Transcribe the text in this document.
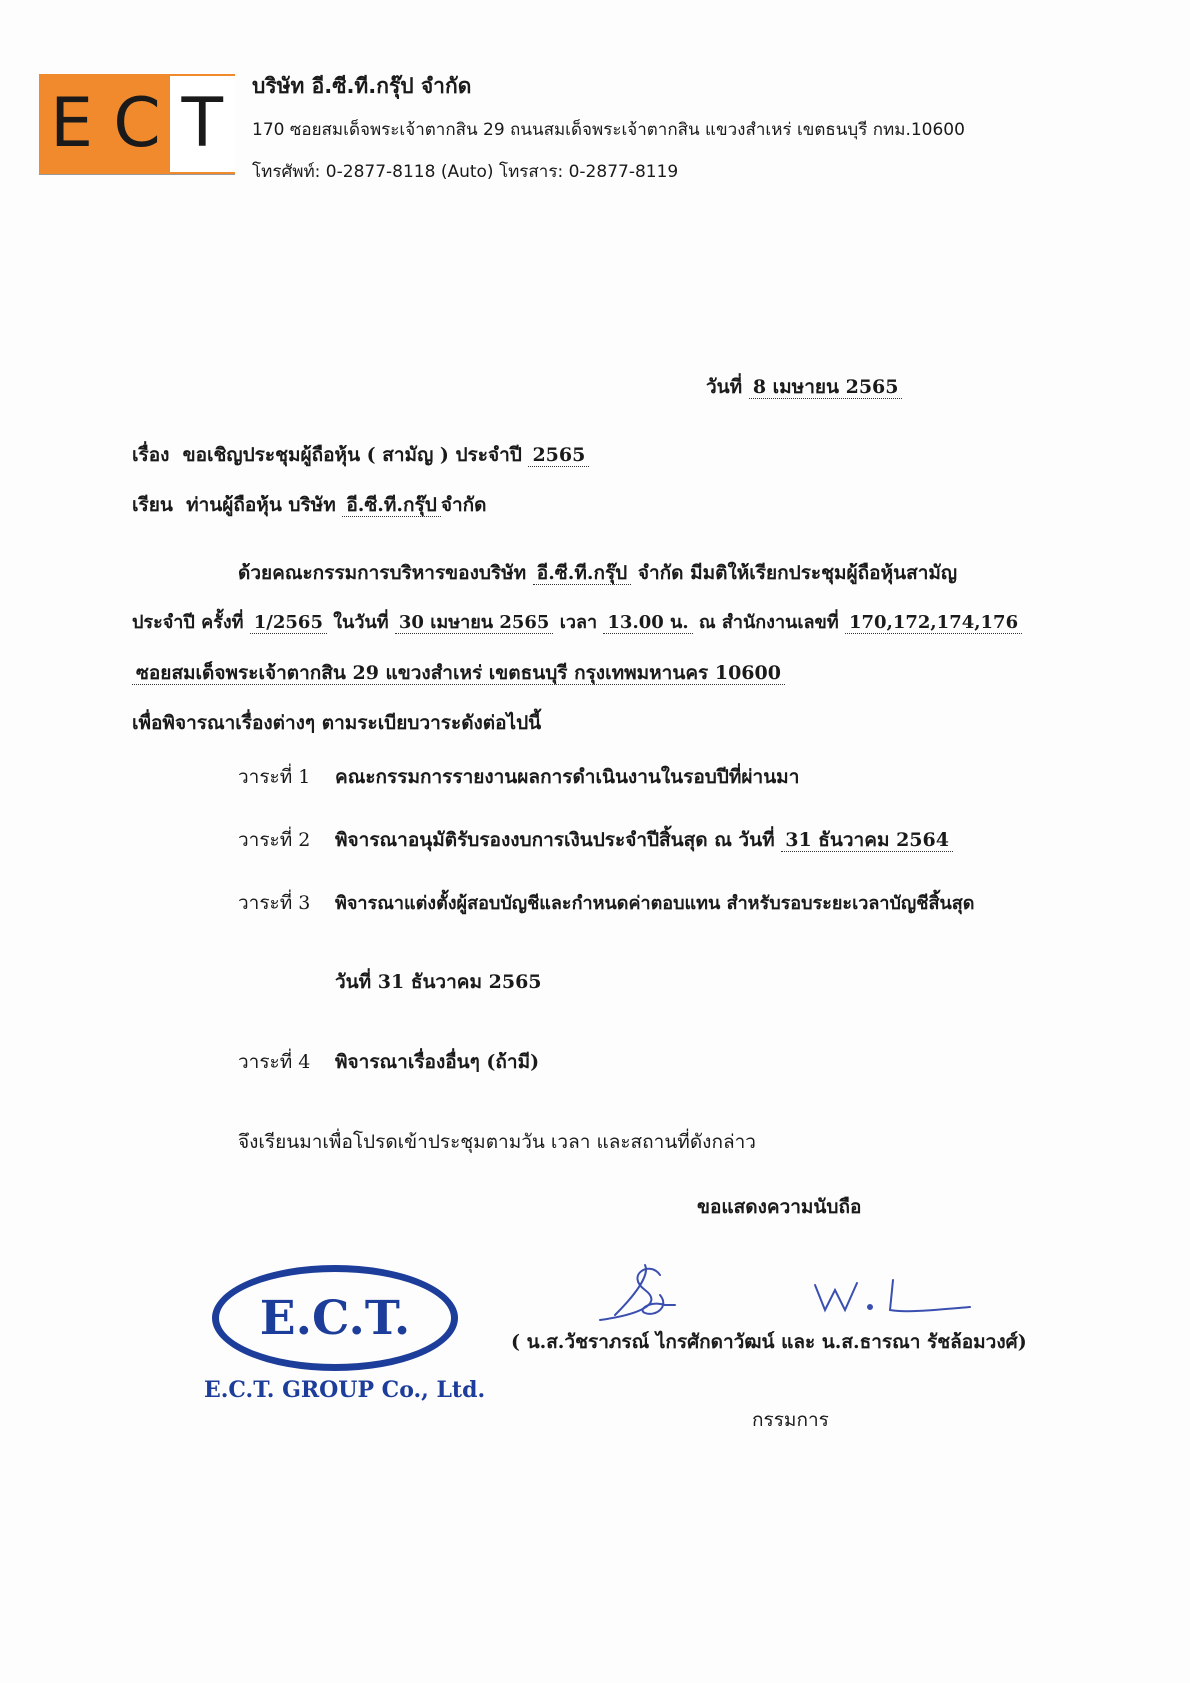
E C T	บริษัท อี.ซี.ที.กรุ๊ป จำกัด
170 ซอยสมเด็จพระเจ้าตากสิน 29 ถนนสมเด็จพระเจ้าตากสิน แขวงสำเหร่ เขตธนบุรี กทม.10600
โทรศัพท์: 0-2877-8118 (Auto) โทรสาร: 0-2877-8119
วันที่ 8 เมษายน 2565
เรื่อง ขอเชิญประชุมผู้ถือหุ้น ( สามัญ ) ประจำปี 2565
เรียน ท่านผู้ถือหุ้น บริษัท อี.ซี.ที.กรุ๊ป จำกัด
ด้วยคณะกรรมการบริหารของบริษัท อี.ซี.ที.กรุ๊ป จำกัด มีมติให้เรียกประชุมผู้ถือหุ้นสามัญ
ประจำปี ครั้งที่ 1/2565 ในวันที่ 30 เมษายน 2565 เวลา 13.00 น. ณ สำนักงานเลขที่ 170,172,174,176
ซอยสมเด็จพระเจ้าตากสิน 29 แขวงสำเหร่ เขตธนบุรี กรุงเทพมหานคร 10600
เพื่อพิจารณาเรื่องต่างๆ ตามระเบียบวาระดังต่อไปนี้
วาระที่ 1 คณะกรรมการรายงานผลการดำเนินงานในรอบปีที่ผ่านมา
วาระที่ 2 พิจารณาอนุมัติรับรองงบการเงินประจำปีสิ้นสุด ณ วันที่ 31 ธันวาคม 2564
วาระที่ 3 พิจารณาแต่งตั้งผู้สอบบัญชีและกำหนดค่าตอบแทน สำหรับรอบระยะเวลาบัญชีสิ้นสุด
วันที่ 31 ธันวาคม 2565
วาระที่ 4 พิจารณาเรื่องอื่นๆ (ถ้ามี)
จึงเรียนมาเพื่อโปรดเข้าประชุมตามวัน เวลา และสถานที่ดังกล่าว
ขอแสดงความนับถือ
E.C.T.
E.C.T. GROUP Co., Ltd.
( น.ส.วัชราภรณ์ ไกรศักดาวัฒน์ และ น.ส.ธารณา รัชล้อมวงศ์)
กรรมการ
